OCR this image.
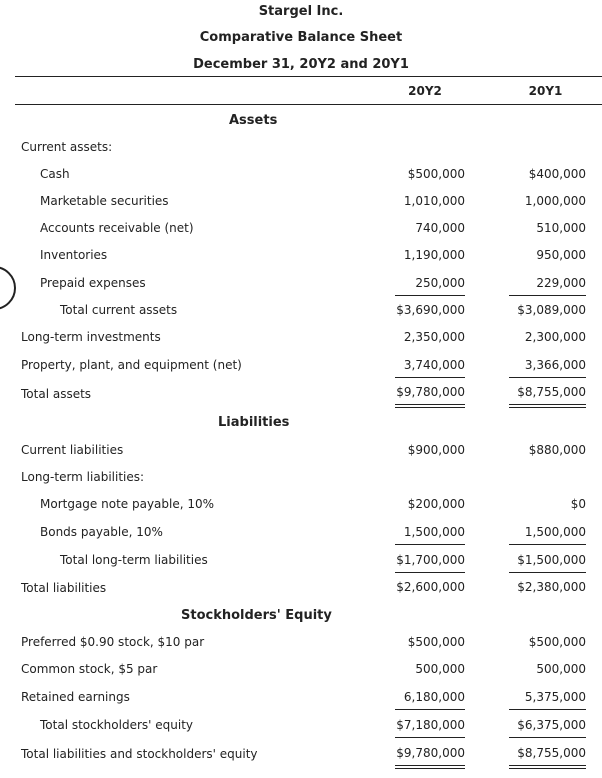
Stargel Inc.
Comparative Balance Sheet
December 31, 20Y2 and 20Y1
20Y2	20Y1
Assets
Current assets:
Cash	$500,000	$400,000
Marketable securities	1,010,000	1,000,000
Accounts receivable (net)	740,000	510,000
Inventories	1,190,000	950,000
Prepaid expenses	250,000	229,000
Total current assets	$3,690,000	$3,089,000
Long-term investments	2,350,000	2,300,000
Property, plant, and equipment (net)	3,740,000	3,366,000
Total assets	$9,780,000	$8,755,000
Liabilities
Current liabilities	$900,000	$880,000
Long-term liabilities:
Mortgage note payable, 10%	$200,000	$0
Bonds payable, 10%	1,500,000	1,500,000
Total long-term liabilities	$1,700,000	$1,500,000
Total liabilities	$2,600,000	$2,380,000
Stockholders' Equity
Preferred $0.90 stock, $10 par	$500,000	$500,000
Common stock, $5 par	500,000	500,000
Retained earnings	6,180,000	5,375,000
Total stockholders' equity	$7,180,000	$6,375,000
Total liabilities and stockholders' equity	$9,780,000	$8,755,000
